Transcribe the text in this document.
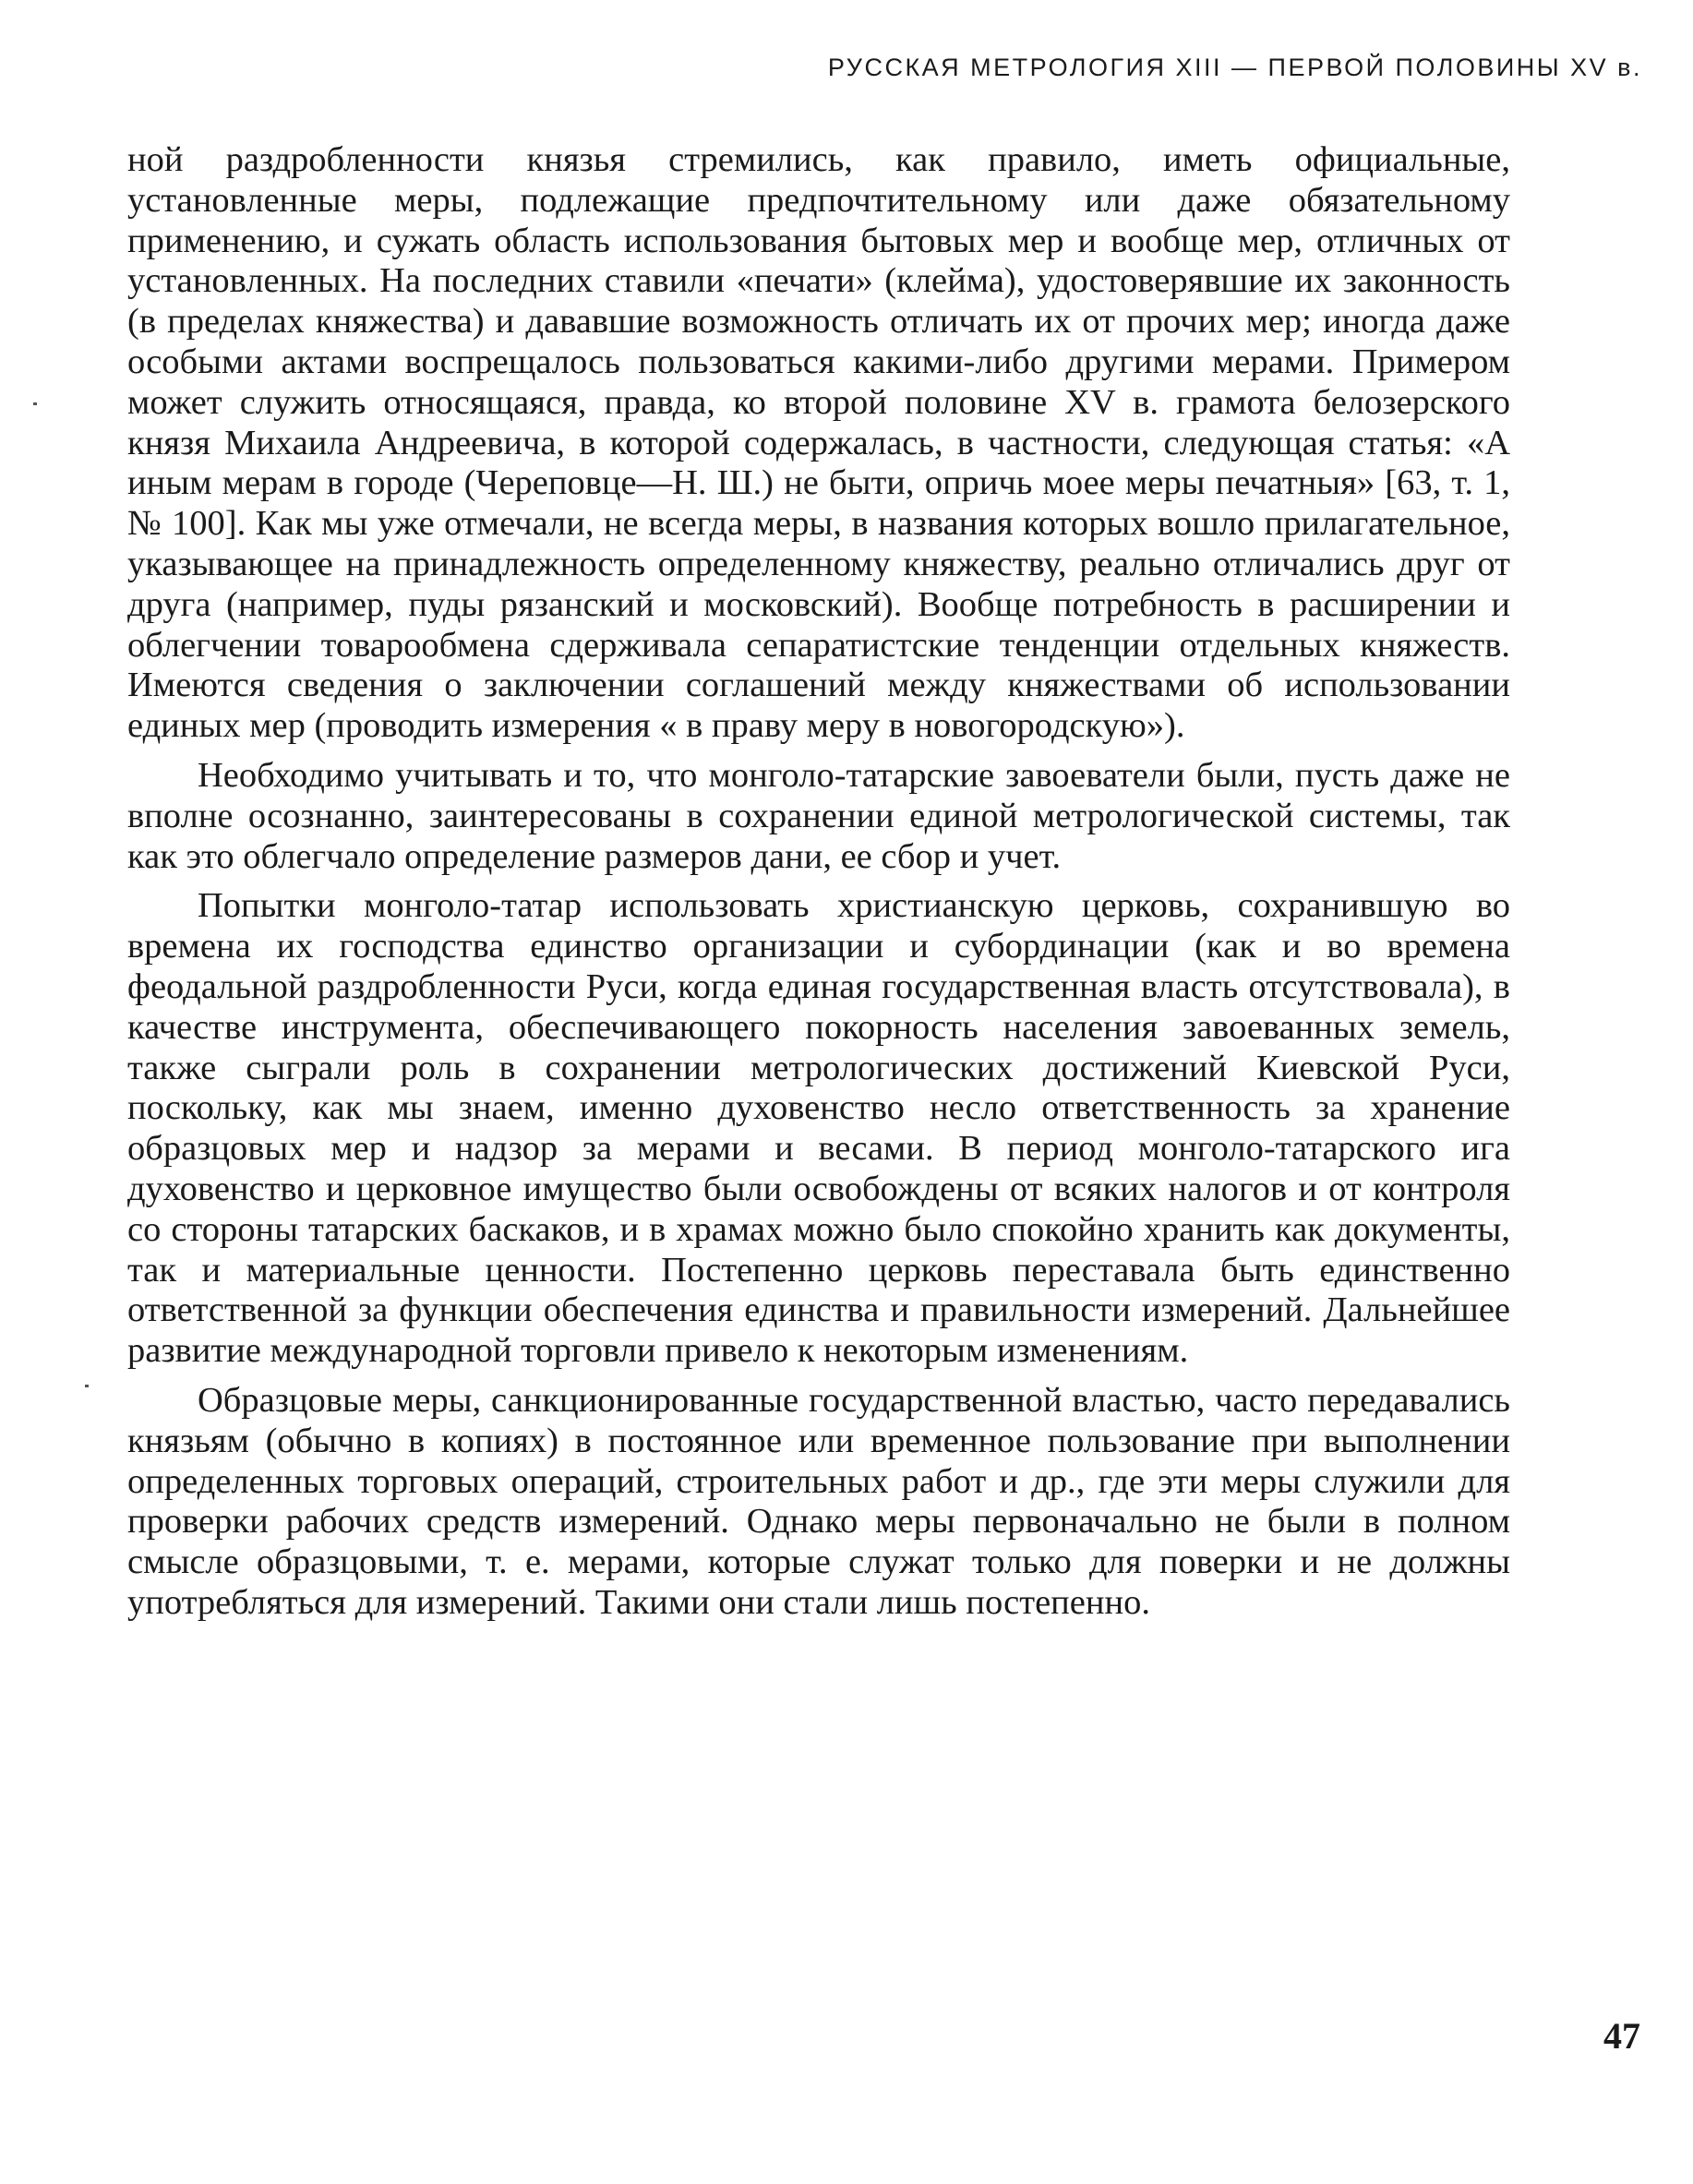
РУССКАЯ МЕТРОЛОГИЯ XIII — ПЕРВОЙ ПОЛОВИНЫ XV в.

ной раздробленности князья стремились, как правило, иметь официальные, установленные меры, подлежащие предпочтительному или даже обязательному применению, и сужать область использования бытовых мер и вообще мер, отличных от установленных. На последних ставили «печати» (клейма), удостоверявшие их законность (в пределах княжества) и дававшие возможность отличать их от прочих мер; иногда даже особыми актами воспрещалось пользоваться какими-либо другими мерами. Примером может служить относящаяся, правда, ко второй половине XV в. грамота белозерского князя Михаила Андреевича, в которой содержалась, в частности, следующая статья: «А иным мерам в городе (Череповце—Н. Ш.) не быти, опричь моее меры печатныя» [63, т. 1, № 100]. Как мы уже отмечали, не всегда меры, в названия которых вошло прилагательное, указывающее на принадлежность определенному княжеству, реально отличались друг от друга (например, пуды рязанский и московский). Вообще потребность в расширении и облегчении товарообмена сдерживала сепаратистские тенденции отдельных княжеств. Имеются сведения о заключении соглашений между княжествами об использовании единых мер (проводить измерения « в праву меру в новогородскую»).

Необходимо учитывать и то, что монголо-татарские завоеватели были, пусть даже не вполне осознанно, заинтересованы в сохранении единой метрологической системы, так как это облегчало определение размеров дани, ее сбор и учет.

Попытки монголо-татар использовать христианскую церковь, сохранившую во времена их господства единство организации и субординации (как и во времена феодальной раздробленности Руси, когда единая государственная власть отсутствовала), в качестве инструмента, обеспечивающего покорность населения завоеванных земель, также сыграли роль в сохранении метрологических достижений Киевской Руси, поскольку, как мы знаем, именно духовенство несло ответственность за хранение образцовых мер и надзор за мерами и весами. В период монголо-татарского ига духовенство и церковное имущество были освобождены от всяких налогов и от контроля со стороны татарских баскаков, и в храмах можно было спокойно хранить как документы, так и материальные ценности. Постепенно церковь переставала быть единственно ответственной за функции обеспечения единства и правильности измерений. Дальнейшее развитие международной торговли привело к некоторым изменениям.

Образцовые меры, санкционированные государственной властью, часто передавались князьям (обычно в копиях) в постоянное или временное пользование при выполнении определенных торговых операций, строительных работ и др., где эти меры служили для проверки рабочих средств измерений. Однако меры первоначально не были в полном смысле образцовыми, т. е. мерами, которые служат только для поверки и не должны употребляться для измерений. Такими они стали лишь постепенно.

47
